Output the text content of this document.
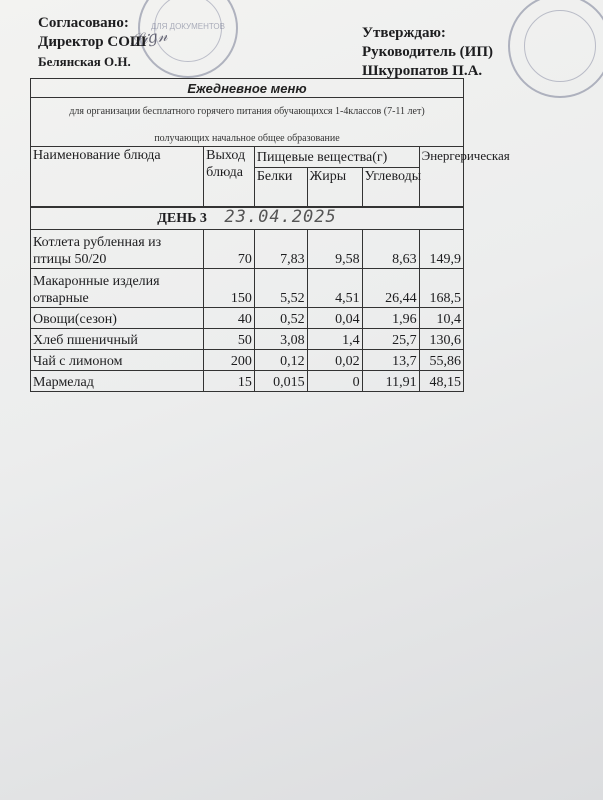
ДЛЯ ДОКУМЕНТОВ
𝒮𝒾𝑔𝓃
Согласовано:
Директор СОШ
Белянская О.Н.
Утверждаю:
Руководитель (ИП)
Шкуропатов П.А.
Ежедневное меню
для организации бесплатного горячего питания обучающихся 1-4классов (7-11 лет)
получающих начальное общее образование
Наименование блюда	Выход блюда	Пищевые вещества(г)			Энергеричеcкая
		Белки	Жиры	Углеводы	
ДЕНЬ 3 23.04.2025					
Котлета рубленная из птицы 50/20	70	7,83	9,58	8,63	149,9
Макаронные изделия отварные	150	5,52	4,51	26,44	168,5
Овощи(сезон)	40	0,52	0,04	1,96	10,4
Хлеб пшеничный	50	3,08	1,4	25,7	130,6
Чай с лимоном	200	0,12	0,02	13,7	55,86
Мармелад	15	0,015	0	11,91	48,15
